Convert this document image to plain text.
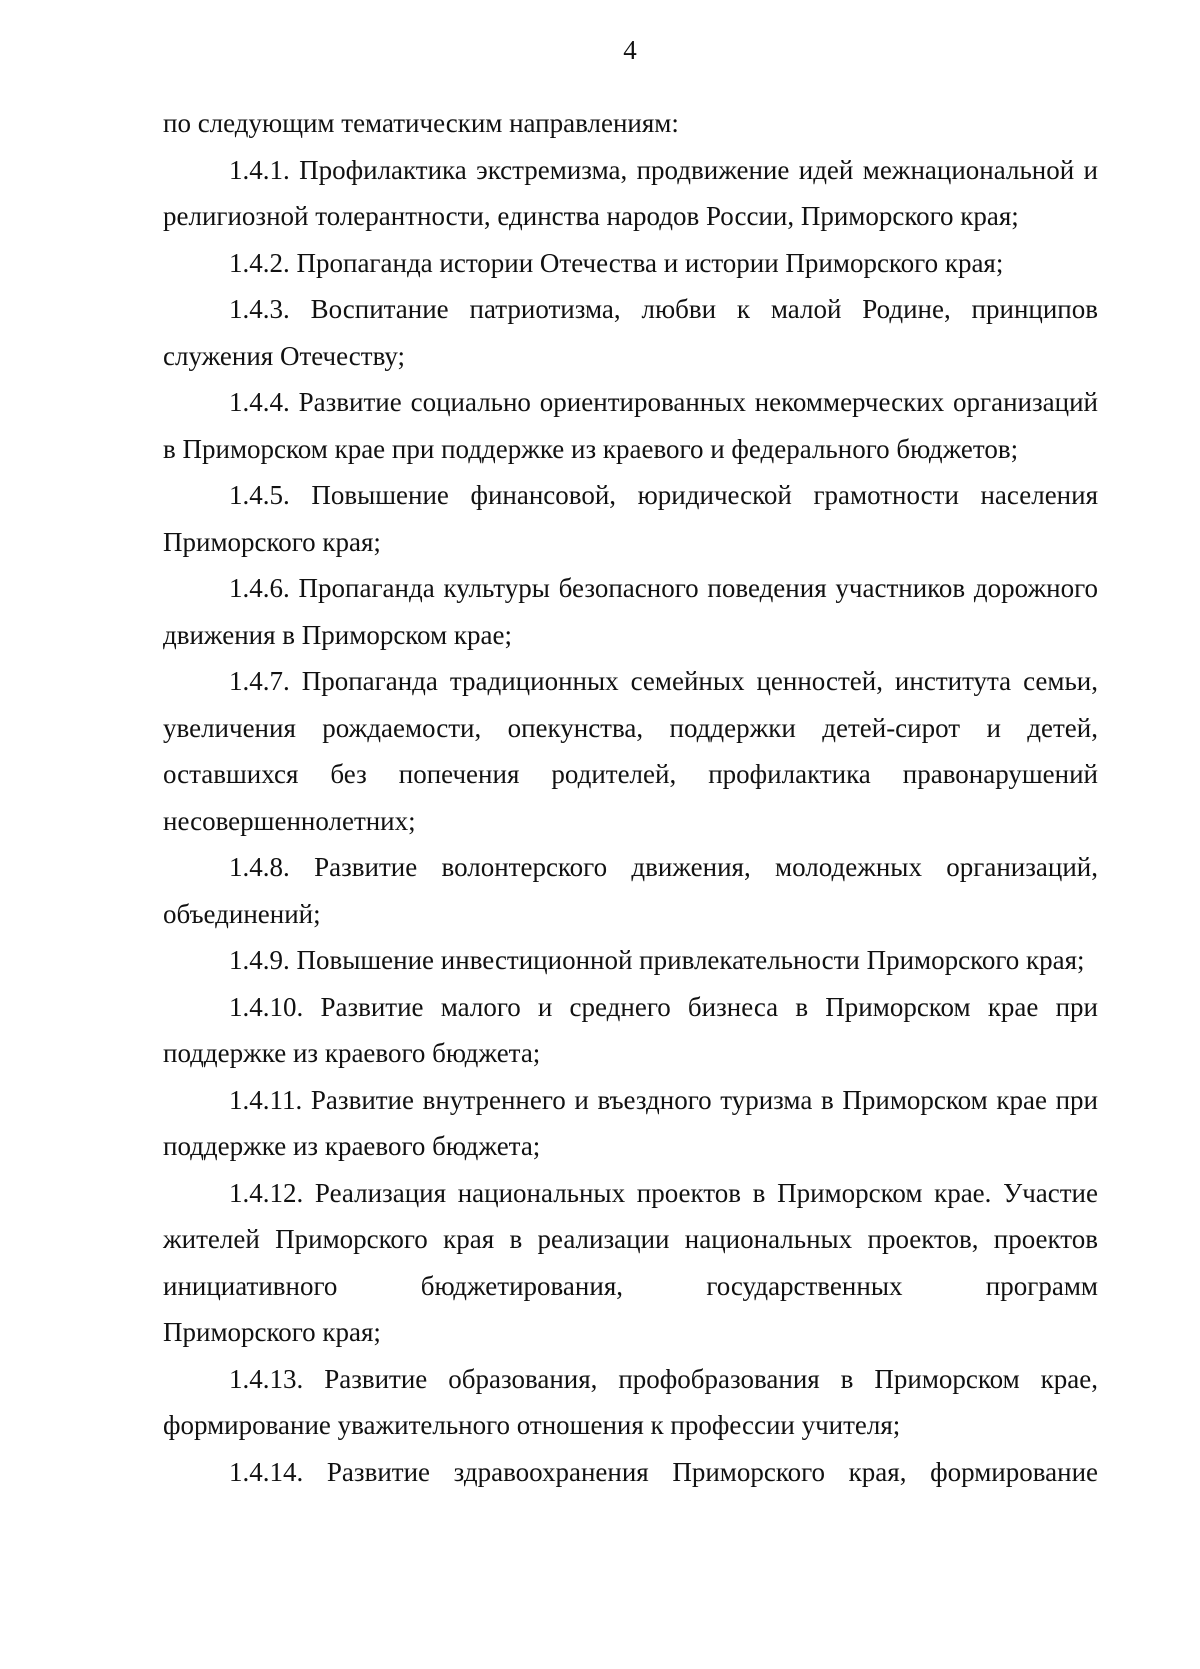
4

по следующим тематическим направлениям:

1.4.1. Профилактика экстремизма, продвижение идей межнациональной и
религиозной толерантности, единства народов России, Приморского края;

1.4.2. Пропаганда истории Отечества и истории Приморского края;

1.4.3. Воспитание патриотизма, любви к малой Родине, принципов
служения Отечеству;

1.4.4. Развитие социально ориентированных некоммерческих организаций
в Приморском крае при поддержке из краевого и федерального бюджетов;

1.4.5. Повышение финансовой, юридической грамотности населения
Приморского края;

1.4.6. Пропаганда культуры безопасного поведения участников дорожного
движения в Приморском крае;

1.4.7. Пропаганда традиционных семейных ценностей, института семьи,
увеличения рождаемости, опекунства, поддержки детей-сирот и детей,
оставшихся без попечения родителей, профилактика правонарушений
несовершеннолетних;

1.4.8. Развитие волонтерского движения, молодежных организаций,
объединений;

1.4.9. Повышение инвестиционной привлекательности Приморского края;

1.4.10. Развитие малого и среднего бизнеса в Приморском крае при
поддержке из краевого бюджета;

1.4.11. Развитие внутреннего и въездного туризма в Приморском крае при
поддержке из краевого бюджета;

1.4.12. Реализация национальных проектов в Приморском крае. Участие
жителей Приморского края в реализации национальных проектов, проектов
инициативного бюджетирования, государственных программ
Приморского края;

1.4.13. Развитие образования, профобразования в Приморском крае,
формирование уважительного отношения к профессии учителя;

1.4.14. Развитие здравоохранения Приморского края, формирование
